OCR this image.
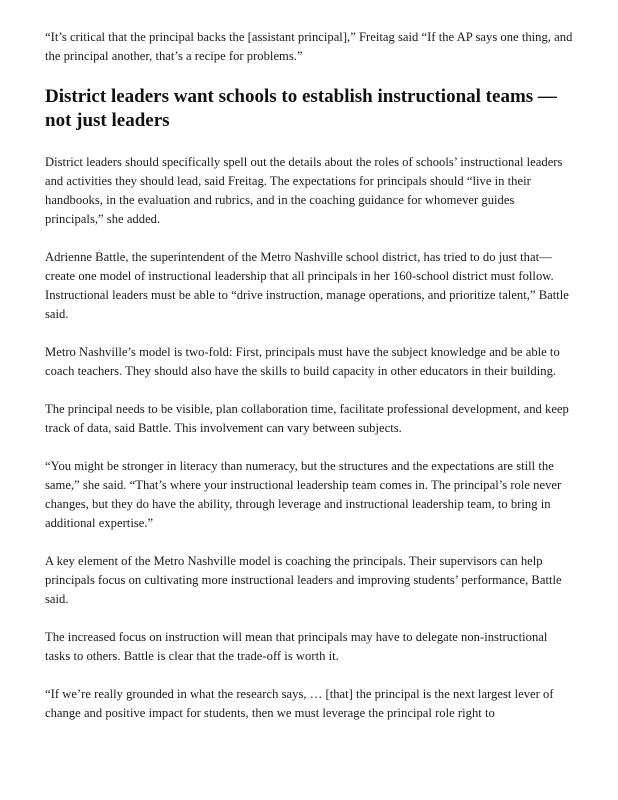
“It’s critical that the principal backs the [assistant principal],” Freitag said “If the AP says one thing, and the principal another, that’s a recipe for problems.”

District leaders want schools to establish instructional teams —not just leaders

District leaders should specifically spell out the details about the roles of schools’ instructional leaders and activities they should lead, said Freitag. The expectations for principals should “live in their handbooks, in the evaluation and rubrics, and in the coaching guidance for whomever guides principals,” she added.

Adrienne Battle, the superintendent of the Metro Nashville school district, has tried to do just that—create one model of instructional leadership that all principals in her 160-school district must follow. Instructional leaders must be able to “drive instruction, manage operations, and prioritize talent,” Battle said.

Metro Nashville’s model is two-fold: First, principals must have the subject knowledge and be able to coach teachers. They should also have the skills to build capacity in other educators in their building.

The principal needs to be visible, plan collaboration time, facilitate professional development, and keep track of data, said Battle. This involvement can vary between subjects.

“You might be stronger in literacy than numeracy, but the structures and the expectations are still the same,” she said. “That’s where your instructional leadership team comes in. The principal’s role never changes, but they do have the ability, through leverage and instructional leadership team, to bring in additional expertise.”

A key element of the Metro Nashville model is coaching the principals. Their supervisors can help principals focus on cultivating more instructional leaders and improving students’ performance, Battle said.

The increased focus on instruction will mean that principals may have to delegate non-instructional tasks to others. Battle is clear that the trade-off is worth it.

“If we’re really grounded in what the research says, … [that] the principal is the next largest lever of change and positive impact for students, then we must leverage the principal role right to
